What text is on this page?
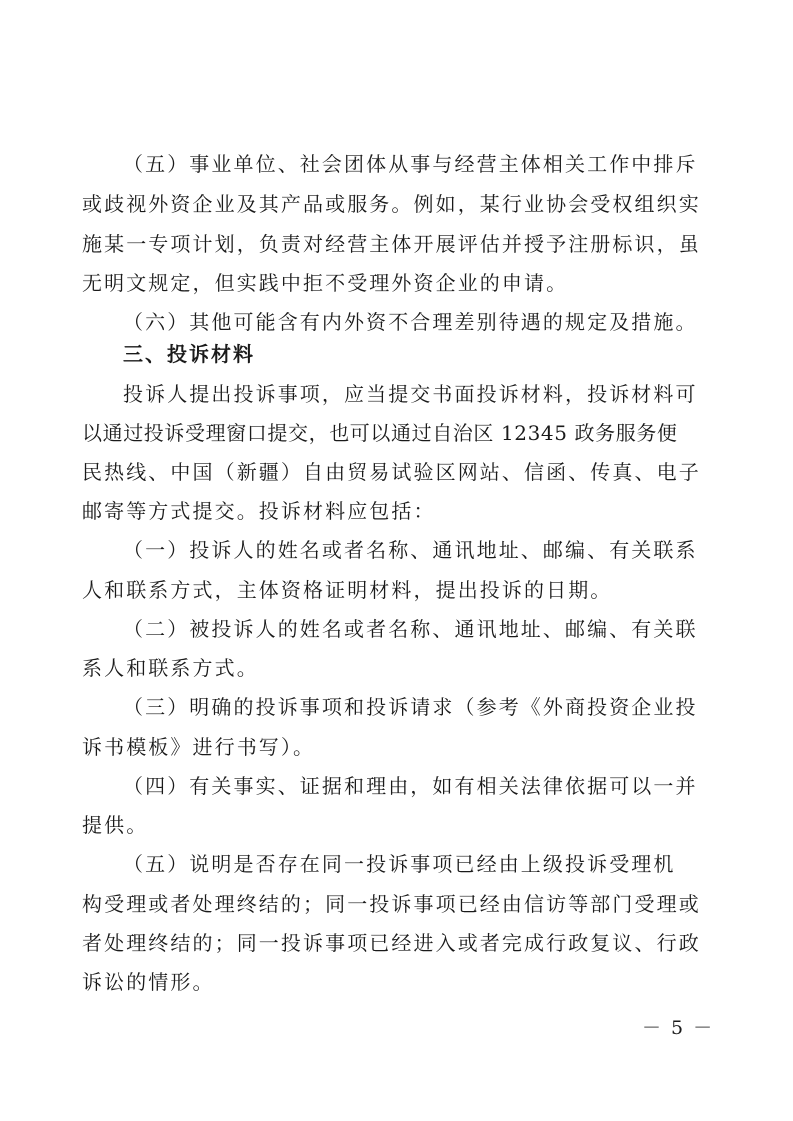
（五）事业单位、社会团体从事与经营主体相关工作中排斥
或歧视外资企业及其产品或服务。例如，某行业协会受权组织实
施某一专项计划，负责对经营主体开展评估并授予注册标识，虽
无明文规定，但实践中拒不受理外资企业的申请。
（六）其他可能含有内外资不合理差别待遇的规定及措施。
三、投诉材料
投诉人提出投诉事项，应当提交书面投诉材料，投诉材料可
以通过投诉受理窗口提交，也可以通过自治区 12345 政务服务便
民热线、中国（新疆）自由贸易试验区网站、信函、传真、电子
邮寄等方式提交。投诉材料应包括：
（一）投诉人的姓名或者名称、通讯地址、邮编、有关联系
人和联系方式，主体资格证明材料，提出投诉的日期。
（二）被投诉人的姓名或者名称、通讯地址、邮编、有关联
系人和联系方式。
（三）明确的投诉事项和投诉请求（参考《外商投资企业投
诉书模板》进行书写）。
（四）有关事实、证据和理由，如有相关法律依据可以一并
提供。
（五）说明是否存在同一投诉事项已经由上级投诉受理机
构受理或者处理终结的；同一投诉事项已经由信访等部门受理或
者处理终结的；同一投诉事项已经进入或者完成行政复议、行政
诉讼的情形。
－ 5 －
